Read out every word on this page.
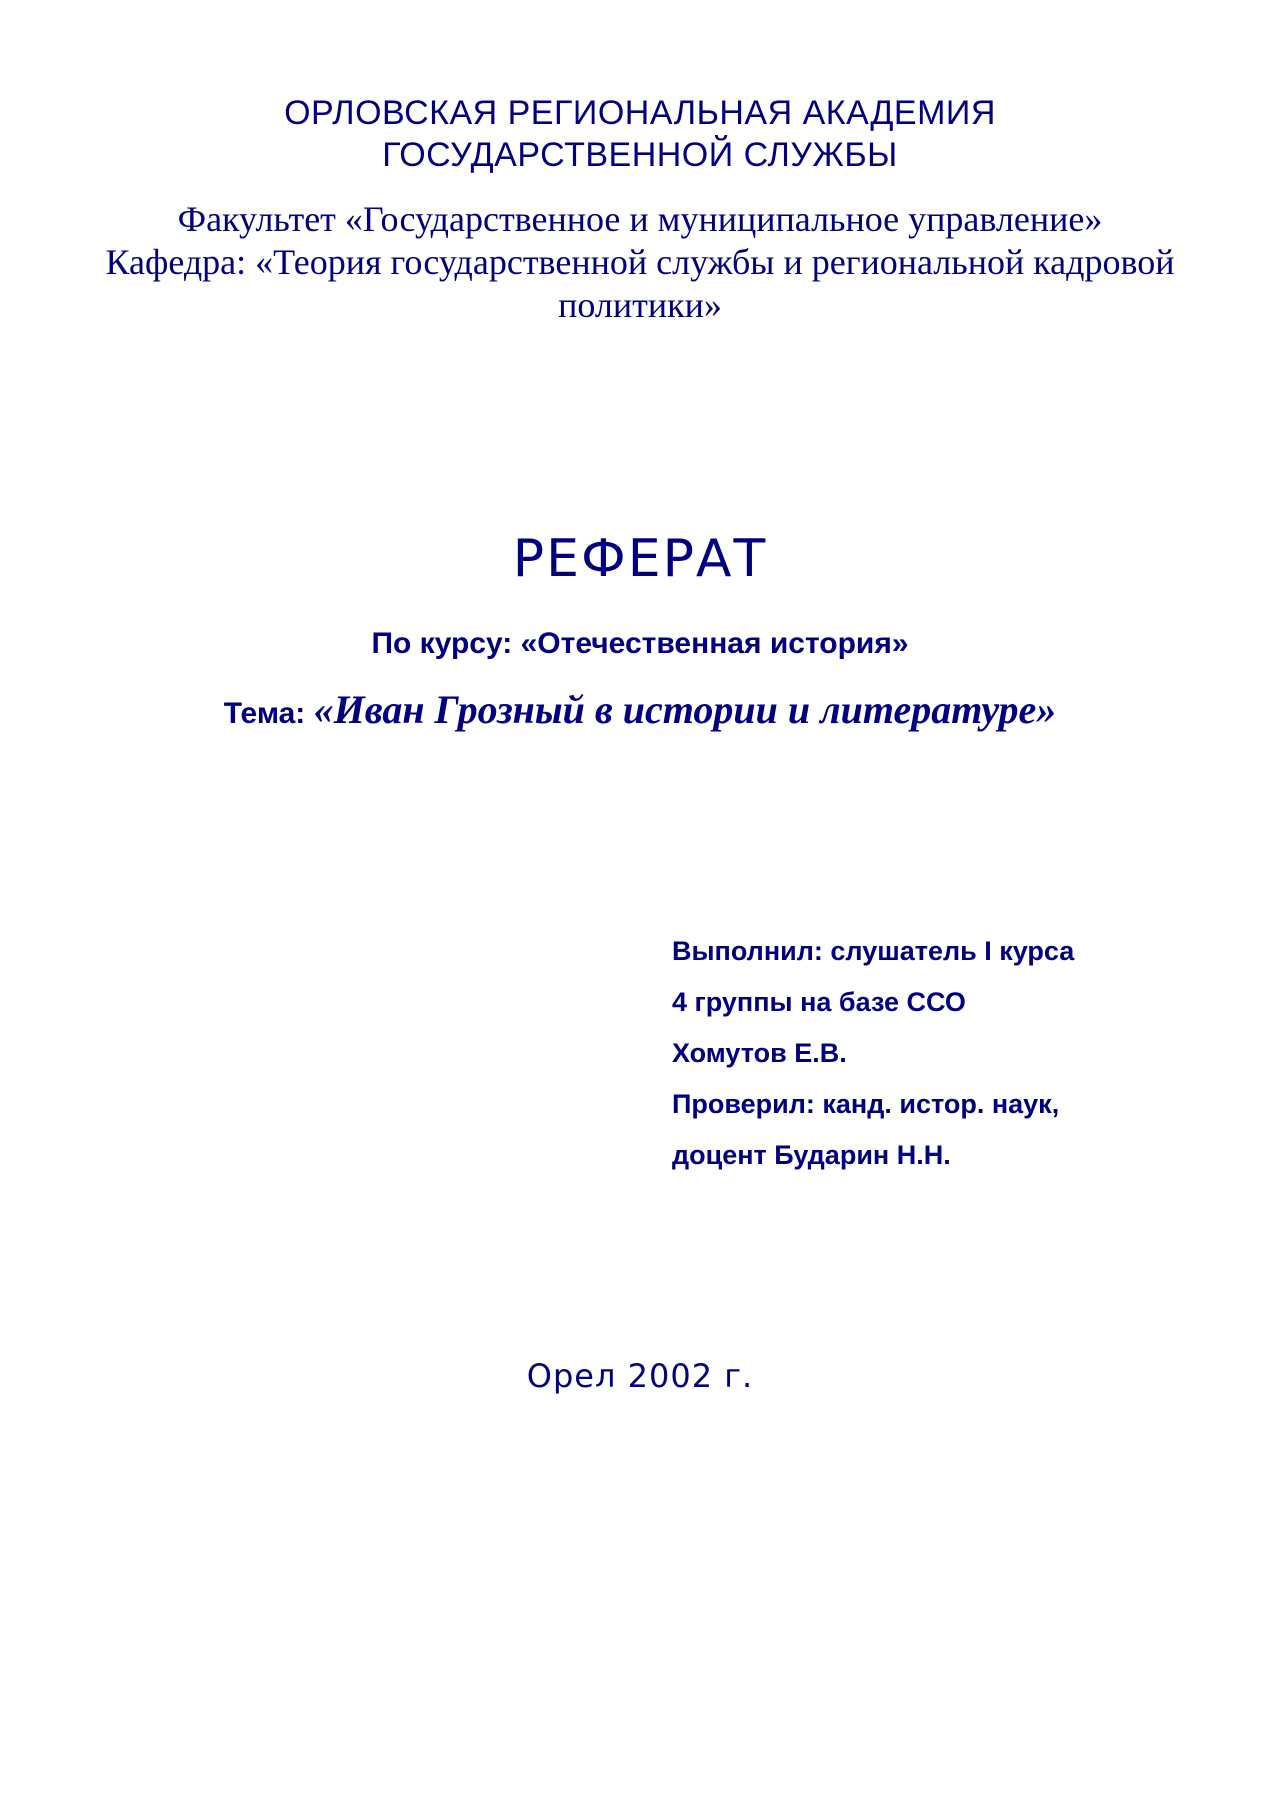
ОРЛОВСКАЯ РЕГИОНАЛЬНАЯ АКАДЕМИЯ
ГОСУДАРСТВЕННОЙ СЛУЖБЫ
Факультет «Государственное и муниципальное управление»
Кафедра: «Теория государственной службы и региональной кадровой
политики»
РЕФЕРАТ
По курсу: «Отечественная история»
Тема: «Иван Грозный в истории и литературе»
Выполнил: слушатель I курса
4 группы на базе ССО
Хомутов Е.В.
Проверил: канд. истор. наук,
доцент Бударин Н.Н.
Орел 2002 г.
